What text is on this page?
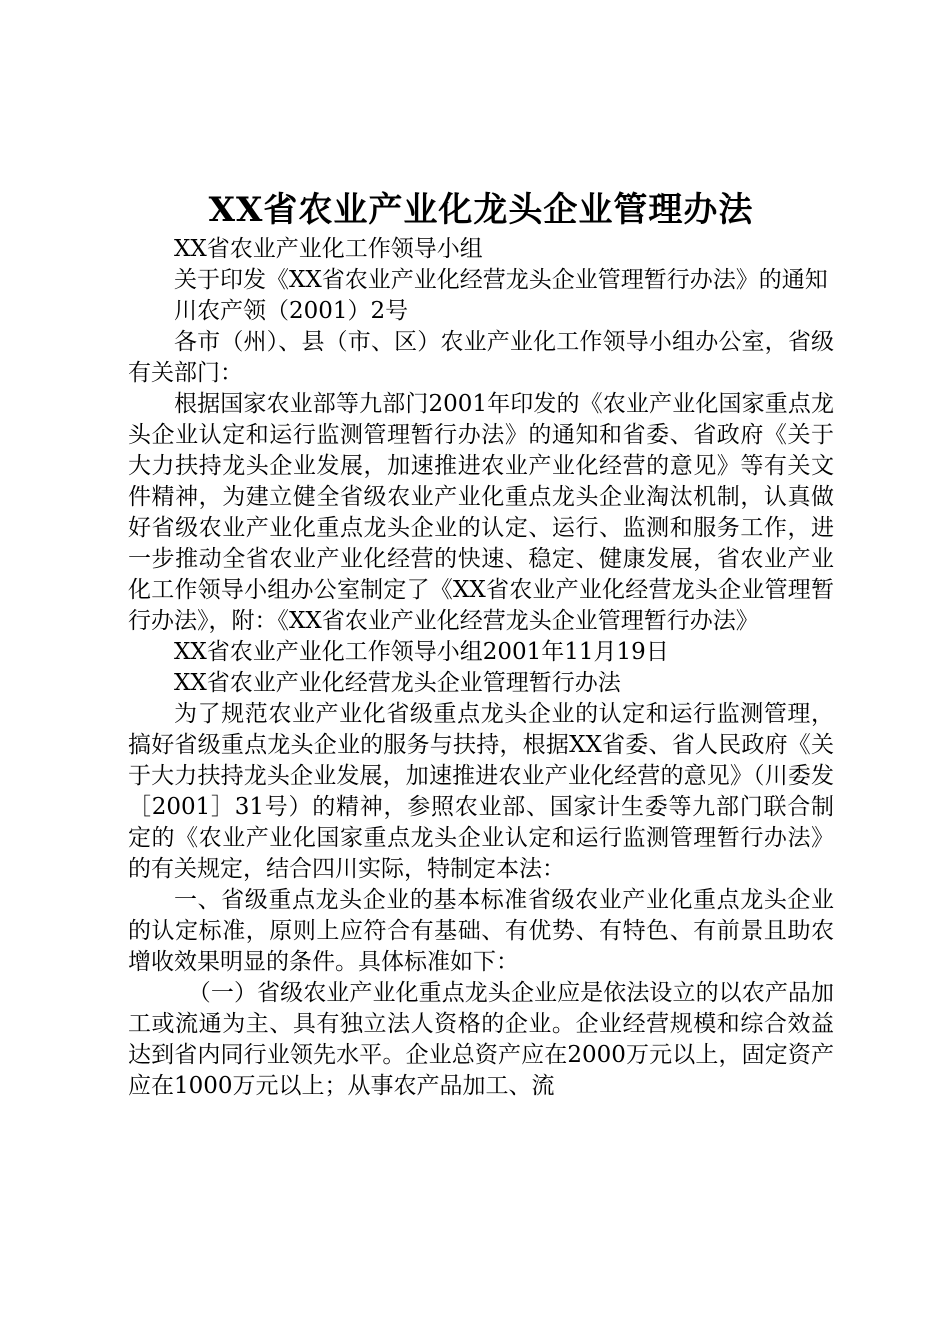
XX省农业产业化龙头企业管理办法

XX省农业产业化工作领导小组

关于印发《XX省农业产业化经营龙头企业管理暂行办法》的通知

川农产领（2001）2号

各市（州）、县（市、区）农业产业化工作领导小组办公室，省级有关部门：

根据国家农业部等九部门2001年印发的《农业产业化国家重点龙头企业认定和运行监测管理暂行办法》的通知和省委、省政府《关于大力扶持龙头企业发展，加速推进农业产业化经营的意见》等有关文件精神，为建立健全省级农业产业化重点龙头企业淘汰机制，认真做好省级农业产业化重点龙头企业的认定、运行、监测和服务工作，进一步推动全省农业产业化经营的快速、稳定、健康发展，省农业产业化工作领导小组办公室制定了《XX省农业产业化经营龙头企业管理暂行办法》，附：《XX省农业产业化经营龙头企业管理暂行办法》

XX省农业产业化工作领导小组2001年11月19日

XX省农业产业化经营龙头企业管理暂行办法

为了规范农业产业化省级重点龙头企业的认定和运行监测管理，搞好省级重点龙头企业的服务与扶持，根据XX省委、省人民政府《关于大力扶持龙头企业发展，加速推进农业产业化经营的意见》（川委发［2001］31号）的精神，参照农业部、国家计生委等九部门联合制定的《农业产业化国家重点龙头企业认定和运行监测管理暂行办法》的有关规定，结合四川实际，特制定本法：

一、省级重点龙头企业的基本标准省级农业产业化重点龙头企业的认定标准，原则上应符合有基础、有优势、有特色、有前景且助农增收效果明显的条件。具体标准如下：

（一）省级农业产业化重点龙头企业应是依法设立的以农产品加工或流通为主、具有独立法人资格的企业。企业经营规模和综合效益达到省内同行业领先水平。企业总资产应在2000万元以上，固定资产应在1000万元以上；从事农产品加工、流
